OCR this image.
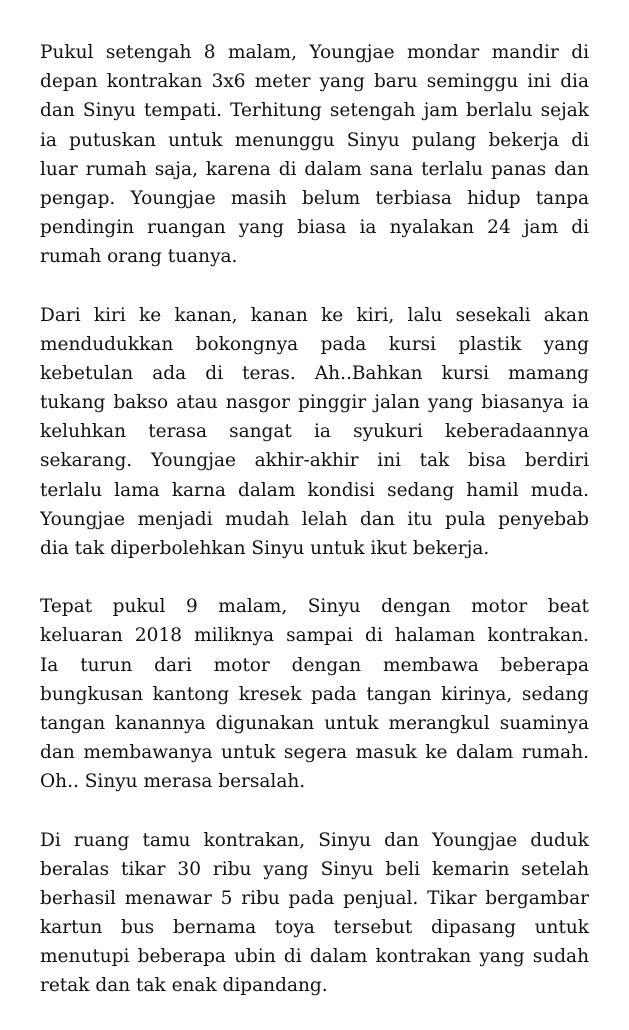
Pukul setengah 8 malam, Youngjae mondar mandir di
depan kontrakan 3x6 meter yang baru seminggu ini dia
dan Sinyu tempati. Terhitung setengah jam berlalu sejak
ia putuskan untuk menunggu Sinyu pulang bekerja di
luar rumah saja, karena di dalam sana terlalu panas dan
pengap. Youngjae masih belum terbiasa hidup tanpa
pendingin ruangan yang biasa ia nyalakan 24 jam di
rumah orang tuanya.

Dari kiri ke kanan, kanan ke kiri, lalu sesekali akan
mendudukkan bokongnya pada kursi plastik yang
kebetulan ada di teras. Ah..Bahkan kursi mamang
tukang bakso atau nasgor pinggir jalan yang biasanya ia
keluhkan terasa sangat ia syukuri keberadaannya
sekarang. Youngjae akhir-akhir ini tak bisa berdiri
terlalu lama karna dalam kondisi sedang hamil muda.
Youngjae menjadi mudah lelah dan itu pula penyebab
dia tak diperbolehkan Sinyu untuk ikut bekerja.

Tepat pukul 9 malam, Sinyu dengan motor beat
keluaran 2018 miliknya sampai di halaman kontrakan.
Ia turun dari motor dengan membawa beberapa
bungkusan kantong kresek pada tangan kirinya, sedang
tangan kanannya digunakan untuk merangkul suaminya
dan membawanya untuk segera masuk ke dalam rumah.
Oh.. Sinyu merasa bersalah.

Di ruang tamu kontrakan, Sinyu dan Youngjae duduk
beralas tikar 30 ribu yang Sinyu beli kemarin setelah
berhasil menawar 5 ribu pada penjual. Tikar bergambar
kartun bus bernama toya tersebut dipasang untuk
menutupi beberapa ubin di dalam kontrakan yang sudah
retak dan tak enak dipandang.
